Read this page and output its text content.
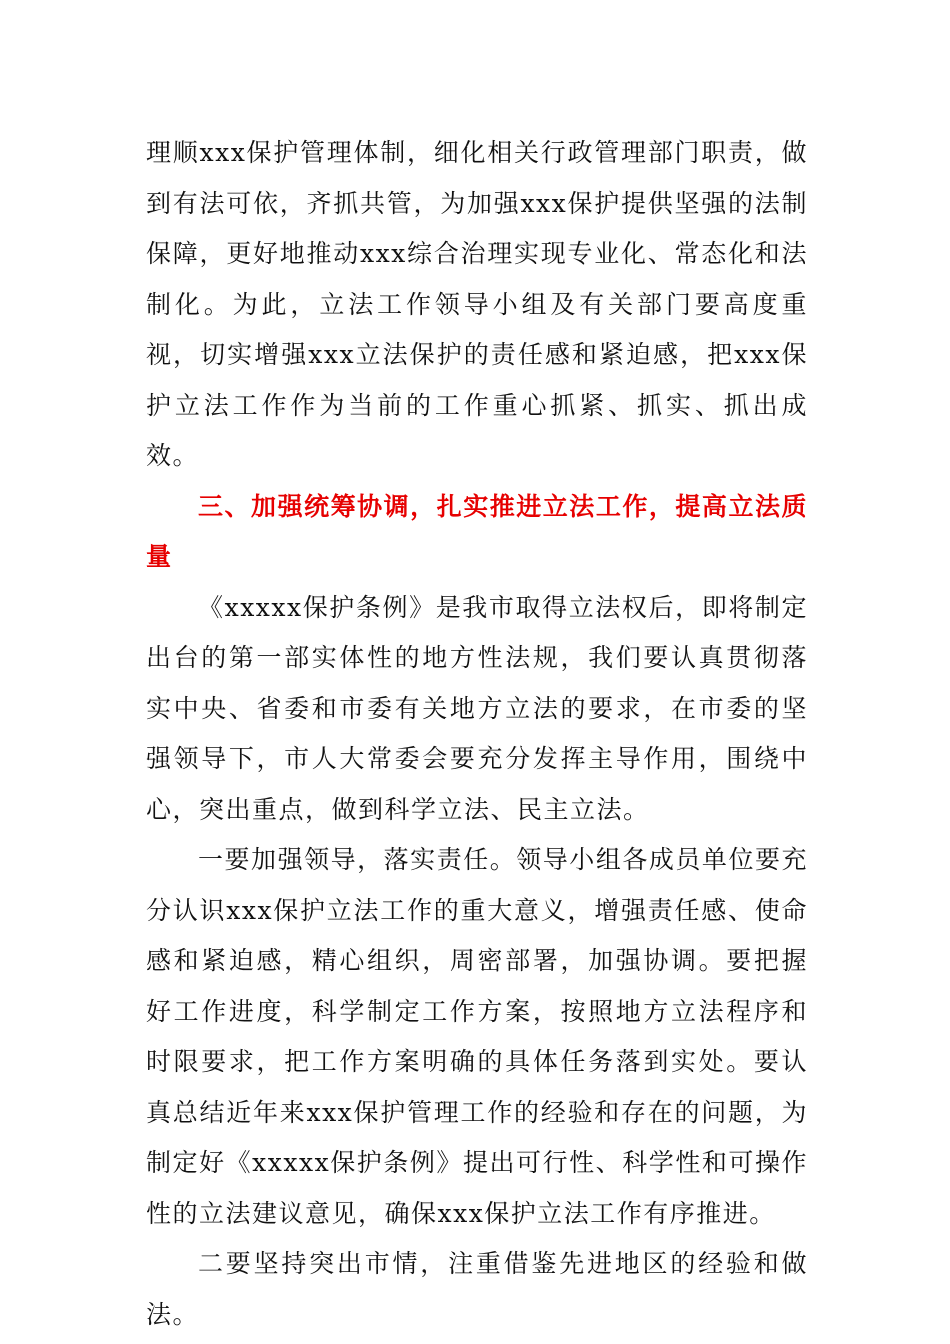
理顺xxx保护管理体制，细化相关行政管理部门职责，做到有法可依，齐抓共管，为加强xxx保护提供坚强的法制保障，更好地推动xxx综合治理实现专业化、常态化和法制化。为此，立法工作领导小组及有关部门要高度重视，切实增强xxx立法保护的责任感和紧迫感，把xxx保护立法工作作为当前的工作重心抓紧、抓实、抓出成效。

三、加强统筹协调，扎实推进立法工作，提高立法质量

《xxxxx保护条例》是我市取得立法权后，即将制定出台的第一部实体性的地方性法规，我们要认真贯彻落实中央、省委和市委有关地方立法的要求，在市委的坚强领导下，市人大常委会要充分发挥主导作用，围绕中心，突出重点，做到科学立法、民主立法。

一要加强领导，落实责任。领导小组各成员单位要充分认识xxx保护立法工作的重大意义，增强责任感、使命感和紧迫感，精心组织，周密部署，加强协调。要把握好工作进度，科学制定工作方案，按照地方立法程序和时限要求，把工作方案明确的具体任务落到实处。要认真总结近年来xxx保护管理工作的经验和存在的问题，为制定好《xxxxx保护条例》提出可行性、科学性和可操作性的立法建议意见，确保xxx保护立法工作有序推进。

二要坚持突出市情，注重借鉴先进地区的经验和做法。
